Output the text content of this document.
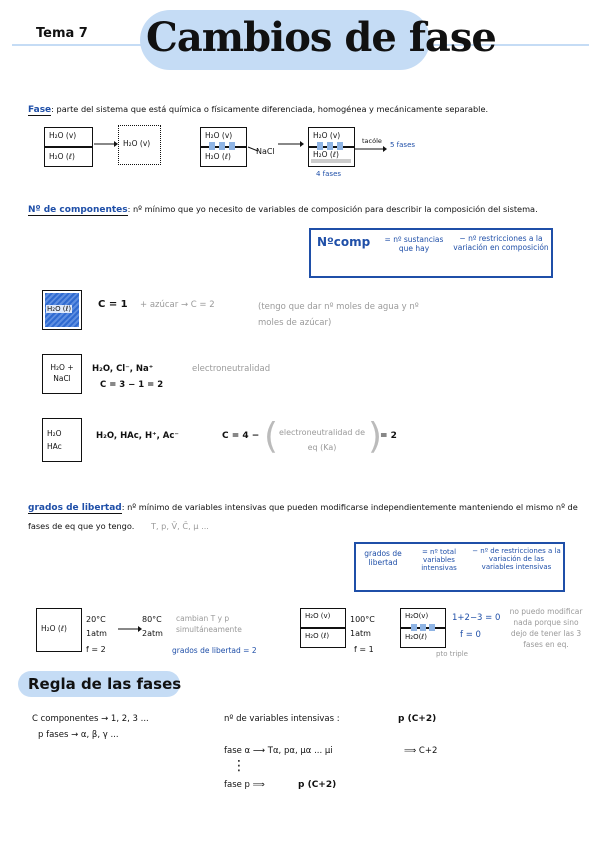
Tema 7 Cambios de fase
Fase: parte del sistema que está química o físicamente diferenciada, homogénea y mecánicamente separable.
H₂O (v)
H₂O (ℓ)
H₂O (v)
H₂O (v)
H₂O (ℓ)
NaCl
H₂O (v)
H₂O (ℓ)
4 fases
tacóle 5 fases
Nº de componentes: nº mínimo que yo necesito de variables de composición para describir la composición del sistema.
Nºcomp	= nº sustancias que hay
− nº restricciones a la variación en composición
H₂O (ℓ)	C = 1 + azúcar → C = 2	(tengo que dar nº moles de agua y nº moles de azúcar)
H₂O + NaCl
H₂O, Cl⁻, Na⁺	electroneutralidad
C = 3 − 1 = 2
H₂O HAc
H₂O, HAc, H⁺, Ac⁻	C = 4 − ( electroneutralidad de eq (Ka) )
= 2
grados de libertad: nº mínimo de variables intensivas que pueden modificarse independientemente manteniendo el mismo nº de fases de eq que yo tengo. T, p, V̄, C̄, μ ...
grados de libertad
= nº total variables intensivas
− nº de restricciones a la variación de las variables intensivas
H₂O (ℓ)
20°C 1atm
f = 2
80°C 2atm
cambian T y p simultáneamente
grados de libertad = 2
H₂O (v)
H₂O (ℓ)
100°C 1atm
f = 1
H₂O(v)
H₂O(ℓ)
pto triple
1+2−3 = 0
f = 0
no puedo modificar nada porque sino dejo de tener las 3 fases en eq.
Regla de las fases
C componentes → 1, 2, 3 ...
p fases → α, β, γ ...
nº de variables intensivas :	p (C+2)
fase α ⟶ Tα, pα, μα ... μi	⟹ C+2
⋮
fase p ⟹	p (C+2)
